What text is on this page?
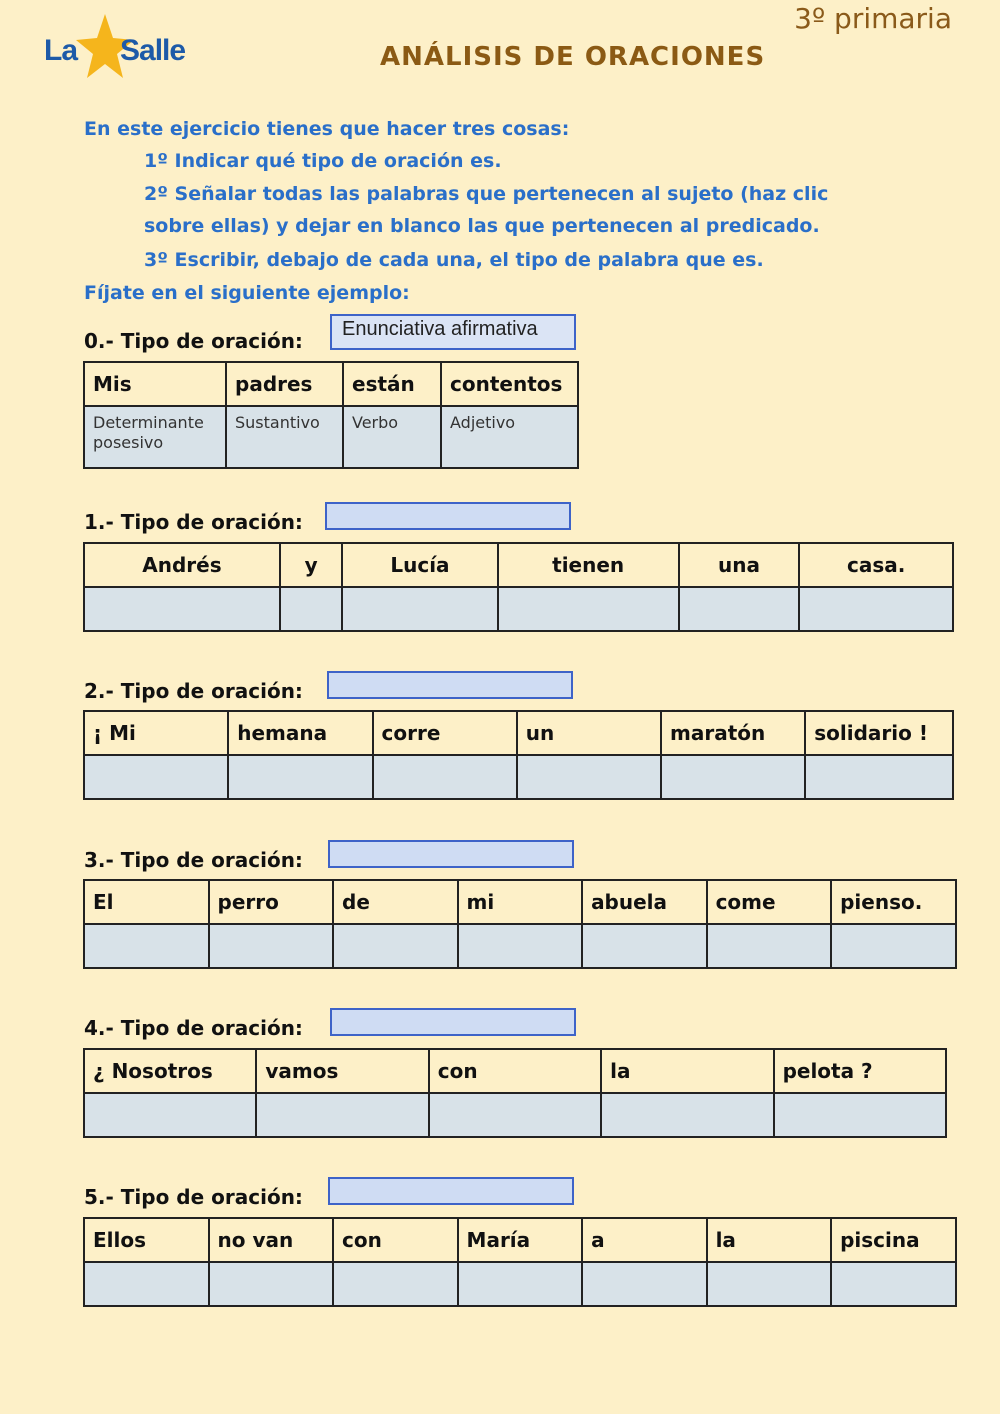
La Salle
3º primaria
ANÁLISIS DE ORACIONES
En este ejercicio tienes que hacer tres cosas:
1º Indicar qué tipo de oración es.
2º Señalar todas las palabras que pertenecen al sujeto (haz clic
sobre ellas) y dejar en blanco las que pertenecen al predicado.
3º Escribir, debajo de cada una, el tipo de palabra que es.
Fíjate en el siguiente ejemplo:
0.- Tipo de oración:	Enunciativa afirmativa
Mis	padres	están	contentos
Determinante posesivo	Sustantivo	Verbo	Adjetivo
1.- Tipo de oración:
Andrés	y	Lucía	tienen	una	casa.

2.- Tipo de oración:
¡ Mi	hemana	corre	un	maratón	solidario !

3.- Tipo de oración:
El	perro	de	mi	abuela	come	pienso.

4.- Tipo de oración:
¿ Nosotros	vamos	con	la	pelota ?

5.- Tipo de oración:
Ellos	no van	con	María	a	la	piscina
